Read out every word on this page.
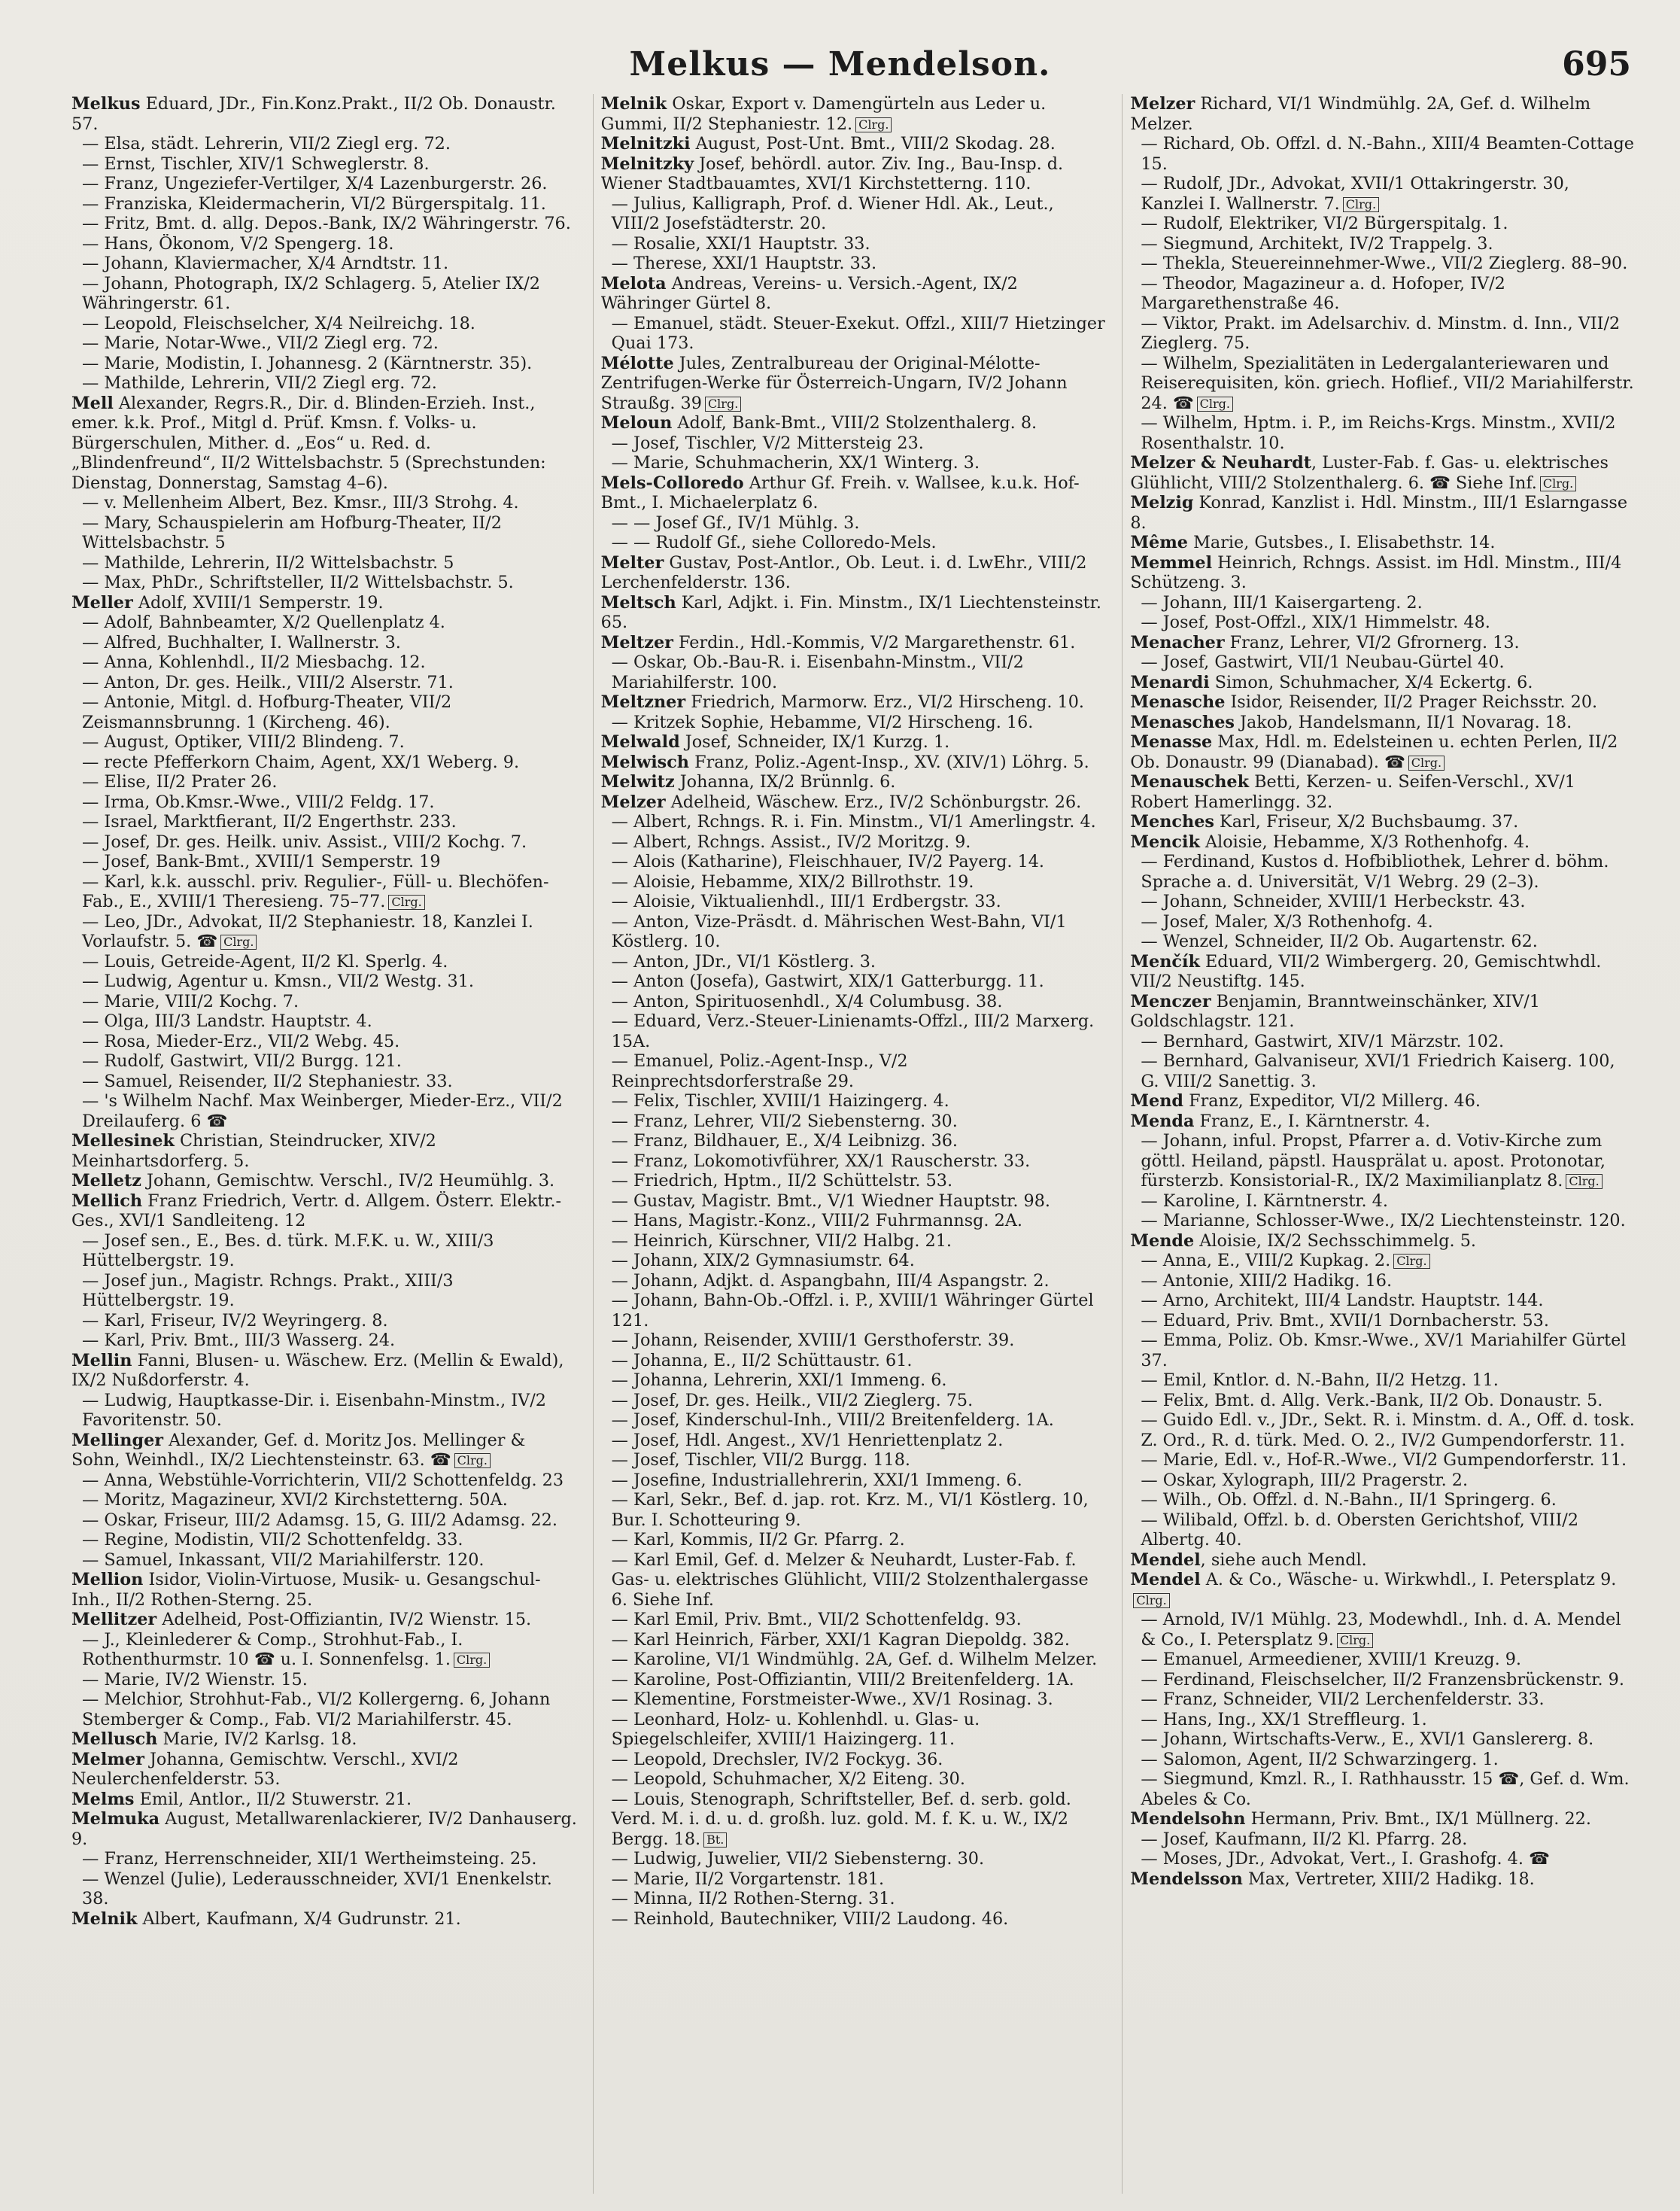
Melkus — Mendelson.	695

Melkus Eduard, JDr., Fin.Konz.Prakt., II/2 Ob. Donaustr. 57.

— Elsa, städt. Lehrerin, VII/2 Ziegl erg. 72.

— Ernst, Tischler, XIV/1 Schweglerstr. 8.

— Franz, Ungeziefer-Vertilger, X/4 Lazenburgerstr. 26.

— Franziska, Kleidermacherin, VI/2 Bürgerspitalg. 11.

— Fritz, Bmt. d. allg. Depos.-Bank, IX/2 Währingerstr. 76.

— Hans, Ökonom, V/2 Spengerg. 18.

— Johann, Klaviermacher, X/4 Arndtstr. 11.

— Johann, Photograph, IX/2 Schlagerg. 5, Atelier IX/2 Währingerstr. 61.

— Leopold, Fleischselcher, X/4 Neilreichg. 18.

— Marie, Notar-Wwe., VII/2 Ziegl erg. 72.

— Marie, Modistin, I. Johannesg. 2 (Kärntnerstr. 35).

— Mathilde, Lehrerin, VII/2 Ziegl erg. 72.

Mell Alexander, Regrs.R., Dir. d. Blinden-Erzieh. Inst., emer. k.k. Prof., Mitgl d. Prüf. Kmsn. f. Volks- u. Bürgerschulen, Mither. d. „Eos“ u. Red. d. „Blindenfreund“, II/2 Wittelsbachstr. 5 (Sprechstunden: Dienstag, Donnerstag, Samstag 4–6).

— v. Mellenheim Albert, Bez. Kmsr., III/3 Strohg. 4.

— Mary, Schauspielerin am Hofburg-Theater, II/2 Wittelsbachstr. 5

— Mathilde, Lehrerin, II/2 Wittelsbachstr. 5

— Max, PhDr., Schriftsteller, II/2 Wittelsbachstr. 5.

Meller Adolf, XVIII/1 Semperstr. 19.

— Adolf, Bahnbeamter, X/2 Quellenplatz 4.

— Alfred, Buchhalter, I. Wallnerstr. 3.

— Anna, Kohlenhdl., II/2 Miesbachg. 12.

— Anton, Dr. ges. Heilk., VIII/2 Alserstr. 71.

— Antonie, Mitgl. d. Hofburg-Theater, VII/2 Zeismannsbrunng. 1 (Kircheng. 46).

— August, Optiker, VIII/2 Blindeng. 7.

— recte Pfefferkorn Chaim, Agent, XX/1 Weberg. 9.

— Elise, II/2 Prater 26.

— Irma, Ob.Kmsr.-Wwe., VIII/2 Feldg. 17.

— Israel, Marktfierant, II/2 Engerthstr. 233.

— Josef, Dr. ges. Heilk. univ. Assist., VIII/2 Kochg. 7.

— Josef, Bank-Bmt., XVIII/1 Semperstr. 19

— Karl, k.k. ausschl. priv. Regulier-, Füll- u. Blechöfen-Fab., E., XVIII/1 Theresieng. 75–77. Clrg.

— Leo, JDr., Advokat, II/2 Stephaniestr. 18, Kanzlei I. Vorlaufstr. 5. ☎ Clrg.

— Louis, Getreide-Agent, II/2 Kl. Sperlg. 4.

— Ludwig, Agentur u. Kmsn., VII/2 Westg. 31.

— Marie, VIII/2 Kochg. 7.

— Olga, III/3 Landstr. Hauptstr. 4.

— Rosa, Mieder-Erz., VII/2 Webg. 45.

— Rudolf, Gastwirt, VII/2 Burgg. 121.

— Samuel, Reisender, II/2 Stephaniestr. 33.

— 's Wilhelm Nachf. Max Weinberger, Mieder-Erz., VII/2 Dreilauferg. 6 ☎

Mellesinek Christian, Steindrucker, XIV/2 Meinhartsdorferg. 5.

Melletz Johann, Gemischtw. Verschl., IV/2 Heumühlg. 3.

Mellich Franz Friedrich, Vertr. d. Allgem. Österr. Elektr.-Ges., XVI/1 Sandleiteng. 12

— Josef sen., E., Bes. d. türk. M.F.K. u. W., XIII/3 Hüttelbergstr. 19.

— Josef jun., Magistr. Rchngs. Prakt., XIII/3 Hüttelbergstr. 19.

— Karl, Friseur, IV/2 Weyringerg. 8.

— Karl, Priv. Bmt., III/3 Wasserg. 24.

Mellin Fanni, Blusen- u. Wäschew. Erz. (Mellin & Ewald), IX/2 Nußdorferstr. 4.

— Ludwig, Hauptkasse-Dir. i. Eisenbahn-Minstm., IV/2 Favoritenstr. 50.

Mellinger Alexander, Gef. d. Moritz Jos. Mellinger & Sohn, Weinhdl., IX/2 Liechtensteinstr. 63. ☎ Clrg.

— Anna, Webstühle-Vorrichterin, VII/2 Schottenfeldg. 23

— Moritz, Magazineur, XVI/2 Kirchstetterng. 50A.

— Oskar, Friseur, III/2 Adamsg. 15, G. III/2 Adamsg. 22.

— Regine, Modistin, VII/2 Schottenfeldg. 33.

— Samuel, Inkassant, VII/2 Mariahilferstr. 120.

Mellion Isidor, Violin-Virtuose, Musik- u. Gesangschul-Inh., II/2 Rothen-Sterng. 25.

Mellitzer Adelheid, Post-Offiziantin, IV/2 Wienstr. 15.

— J., Kleinlederer & Comp., Strohhut-Fab., I. Rothenthurmstr. 10 ☎ u. I. Sonnenfelsg. 1. Clrg.

— Marie, IV/2 Wienstr. 15.

— Melchior, Strohhut-Fab., VI/2 Kollergerng. 6, Johann Stemberger & Comp., Fab. VI/2 Mariahilferstr. 45.

Mellusch Marie, IV/2 Karlsg. 18.

Melmer Johanna, Gemischtw. Verschl., XVI/2 Neulerchenfelderstr. 53.

Melms Emil, Antlor., II/2 Stuwerstr. 21.

Melmuka August, Metallwarenlackierer, IV/2 Danhauserg. 9.

— Franz, Herrenschneider, XII/1 Wertheimsteing. 25.

— Wenzel (Julie), Lederausschneider, XVI/1 Enenkelstr. 38.

Melnik Albert, Kaufmann, X/4 Gudrunstr. 21.

Melnik Oskar, Export v. Damengürteln aus Leder u. Gummi, II/2 Stephaniestr. 12. Clrg.

Melnitzki August, Post-Unt. Bmt., VIII/2 Skodag. 28.

Melnitzky Josef, behördl. autor. Ziv. Ing., Bau-Insp. d. Wiener Stadtbauamtes, XVI/1 Kirchstetterng. 110.

— Julius, Kalligraph, Prof. d. Wiener Hdl. Ak., Leut., VIII/2 Josefstädterstr. 20.

— Rosalie, XXI/1 Hauptstr. 33.

— Therese, XXI/1 Hauptstr. 33.

Melota Andreas, Vereins- u. Versich.-Agent, IX/2 Währinger Gürtel 8.

— Emanuel, städt. Steuer-Exekut. Offzl., XIII/7 Hietzinger Quai 173.

Mélotte Jules, Zentralbureau der Original-Mélotte-Zentrifugen-Werke für Österreich-Ungarn, IV/2 Johann Straußg. 39 Clrg.

Meloun Adolf, Bank-Bmt., VIII/2 Stolzenthalerg. 8.

— Josef, Tischler, V/2 Mittersteig 23.

— Marie, Schuhmacherin, XX/1 Winterg. 3.

Mels-Colloredo Arthur Gf. Freih. v. Wallsee, k.u.k. Hof-Bmt., I. Michaelerplatz 6.

— — Josef Gf., IV/1 Mühlg. 3.

— — Rudolf Gf., siehe Colloredo-Mels.

Melter Gustav, Post-Antlor., Ob. Leut. i. d. LwEhr., VIII/2 Lerchenfelderstr. 136.

Meltsch Karl, Adjkt. i. Fin. Minstm., IX/1 Liechtensteinstr. 65.

Meltzer Ferdin., Hdl.-Kommis, V/2 Margarethenstr. 61.

— Oskar, Ob.-Bau-R. i. Eisenbahn-Minstm., VII/2 Mariahilferstr. 100.

Meltzner Friedrich, Marmorw. Erz., VI/2 Hirscheng. 10.

— Kritzek Sophie, Hebamme, VI/2 Hirscheng. 16.

Melwald Josef, Schneider, IX/1 Kurzg. 1.

Melwisch Franz, Poliz.-Agent-Insp., XV. (XIV/1) Löhrg. 5.

Melwitz Johanna, IX/2 Brünnlg. 6.

Melzer Adelheid, Wäschew. Erz., IV/2 Schönburgstr. 26.

— Albert, Rchngs. R. i. Fin. Minstm., VI/1 Amerlingstr. 4.

— Albert, Rchngs. Assist., IV/2 Moritzg. 9.

— Alois (Katharine), Fleischhauer, IV/2 Payerg. 14.

— Aloisie, Hebamme, XIX/2 Billrothstr. 19.

— Aloisie, Viktualienhdl., III/1 Erdbergstr. 33.

— Anton, Vize-Präsdt. d. Mährischen West-Bahn, VI/1 Köstlerg. 10.

— Anton, JDr., VI/1 Köstlerg. 3.

— Anton (Josefa), Gastwirt, XIX/1 Gatterburgg. 11.

— Anton, Spirituosenhdl., X/4 Columbusg. 38.

— Eduard, Verz.-Steuer-Linienamts-Offzl., III/2 Marxerg. 15A.

— Emanuel, Poliz.-Agent-Insp., V/2 Reinprechtsdorferstraße 29.

— Felix, Tischler, XVIII/1 Haizingerg. 4.

— Franz, Lehrer, VII/2 Siebensterng. 30.

— Franz, Bildhauer, E., X/4 Leibnizg. 36.

— Franz, Lokomotivführer, XX/1 Rauscherstr. 33.

— Friedrich, Hptm., II/2 Schüttelstr. 53.

— Gustav, Magistr. Bmt., V/1 Wiedner Hauptstr. 98.

— Hans, Magistr.-Konz., VIII/2 Fuhrmannsg. 2A.

— Heinrich, Kürschner, VII/2 Halbg. 21.

— Johann, XIX/2 Gymnasiumstr. 64.

— Johann, Adjkt. d. Aspangbahn, III/4 Aspangstr. 2.

— Johann, Bahn-Ob.-Offzl. i. P., XVIII/1 Währinger Gürtel 121.

— Johann, Reisender, XVIII/1 Gersthoferstr. 39.

— Johanna, E., II/2 Schüttaustr. 61.

— Johanna, Lehrerin, XXI/1 Immeng. 6.

— Josef, Dr. ges. Heilk., VII/2 Zieglerg. 75.

— Josef, Kinderschul-Inh., VIII/2 Breitenfelderg. 1A.

— Josef, Hdl. Angest., XV/1 Henriettenplatz 2.

— Josef, Tischler, VII/2 Burgg. 118.

— Josefine, Industriallehrerin, XXI/1 Immeng. 6.

— Karl, Sekr., Bef. d. jap. rot. Krz. M., VI/1 Köstlerg. 10, Bur. I. Schotteuring 9.

— Karl, Kommis, II/2 Gr. Pfarrg. 2.

— Karl Emil, Gef. d. Melzer & Neuhardt, Luster-Fab. f. Gas- u. elektrisches Glühlicht, VIII/2 Stolzenthalergasse 6. Siehe Inf.

— Karl Emil, Priv. Bmt., VII/2 Schottenfeldg. 93.

— Karl Heinrich, Färber, XXI/1 Kagran Diepoldg. 382.

— Karoline, VI/1 Windmühlg. 2A, Gef. d. Wilhelm Melzer.

— Karoline, Post-Offiziantin, VIII/2 Breitenfelderg. 1A.

— Klementine, Forstmeister-Wwe., XV/1 Rosinag. 3.

— Leonhard, Holz- u. Kohlenhdl. u. Glas- u. Spiegelschleifer, XVIII/1 Haizingerg. 11.

— Leopold, Drechsler, IV/2 Fockyg. 36.

— Leopold, Schuhmacher, X/2 Eiteng. 30.

— Louis, Stenograph, Schriftsteller, Bef. d. serb. gold. Verd. M. i. d. u. d. großh. luz. gold. M. f. K. u. W., IX/2 Bergg. 18. Bt.

— Ludwig, Juwelier, VII/2 Siebensterng. 30.

— Marie, II/2 Vorgartenstr. 181.

— Minna, II/2 Rothen-Sterng. 31.

— Reinhold, Bautechniker, VIII/2 Laudong. 46.

Melzer Richard, VI/1 Windmühlg. 2A, Gef. d. Wilhelm Melzer.

— Richard, Ob. Offzl. d. N.-Bahn., XIII/4 Beamten-Cottage 15.

— Rudolf, JDr., Advokat, XVII/1 Ottakringerstr. 30, Kanzlei I. Wallnerstr. 7. Clrg.

— Rudolf, Elektriker, VI/2 Bürgerspitalg. 1.

— Siegmund, Architekt, IV/2 Trappelg. 3.

— Thekla, Steuereinnehmer-Wwe., VII/2 Zieglerg. 88–90.

— Theodor, Magazineur a. d. Hofoper, IV/2 Margarethenstraße 46.

— Viktor, Prakt. im Adelsarchiv. d. Minstm. d. Inn., VII/2 Zieglerg. 75.

— Wilhelm, Spezialitäten in Ledergalanteriewaren und Reiserequisiten, kön. griech. Hoflief., VII/2 Mariahilferstr. 24. ☎ Clrg.

— Wilhelm, Hptm. i. P., im Reichs-Krgs. Minstm., XVII/2 Rosenthalstr. 10.

Melzer & Neuhardt, Luster-Fab. f. Gas- u. elektrisches Glühlicht, VIII/2 Stolzenthalerg. 6. ☎ Siehe Inf. Clrg.

Melzig Konrad, Kanzlist i. Hdl. Minstm., III/1 Eslarngasse 8.

Même Marie, Gutsbes., I. Elisabethstr. 14.

Memmel Heinrich, Rchngs. Assist. im Hdl. Minstm., III/4 Schützeng. 3.

— Johann, III/1 Kaisergarteng. 2.

— Josef, Post-Offzl., XIX/1 Himmelstr. 48.

Menacher Franz, Lehrer, VI/2 Gfrornerg. 13.

— Josef, Gastwirt, VII/1 Neubau-Gürtel 40.

Menardi Simon, Schuhmacher, X/4 Eckertg. 6.

Menasche Isidor, Reisender, II/2 Prager Reichsstr. 20.

Menasches Jakob, Handelsmann, II/1 Novarag. 18.

Menasse Max, Hdl. m. Edelsteinen u. echten Perlen, II/2 Ob. Donaustr. 99 (Dianabad). ☎ Clrg.

Menauschek Betti, Kerzen- u. Seifen-Verschl., XV/1 Robert Hamerlingg. 32.

Menches Karl, Friseur, X/2 Buchsbaumg. 37.

Mencik Aloisie, Hebamme, X/3 Rothenhofg. 4.

— Ferdinand, Kustos d. Hofbibliothek, Lehrer d. böhm. Sprache a. d. Universität, V/1 Webrg. 29 (2–3).

— Johann, Schneider, XVIII/1 Herbeckstr. 43.

— Josef, Maler, X/3 Rothenhofg. 4.

— Wenzel, Schneider, II/2 Ob. Augartenstr. 62.

Menčík Eduard, VII/2 Wimbergerg. 20, Gemischtwhdl. VII/2 Neustiftg. 145.

Menczer Benjamin, Branntweinschänker, XIV/1 Goldschlagstr. 121.

— Bernhard, Gastwirt, XIV/1 Märzstr. 102.

— Bernhard, Galvaniseur, XVI/1 Friedrich Kaiserg. 100, G. VIII/2 Sanettig. 3.

Mend Franz, Expeditor, VI/2 Millerg. 46.

Menda Franz, E., I. Kärntnerstr. 4.

— Johann, inful. Propst, Pfarrer a. d. Votiv-Kirche zum göttl. Heiland, päpstl. Hausprälat u. apost. Protonotar, fürsterzb. Konsistorial-R., IX/2 Maximilianplatz 8. Clrg.

— Karoline, I. Kärntnerstr. 4.

— Marianne, Schlosser-Wwe., IX/2 Liechtensteinstr. 120.

Mende Aloisie, IX/2 Sechsschimmelg. 5.

— Anna, E., VIII/2 Kupkag. 2. Clrg.

— Antonie, XIII/2 Hadikg. 16.

— Arno, Architekt, III/4 Landstr. Hauptstr. 144.

— Eduard, Priv. Bmt., XVII/1 Dornbacherstr. 53.

— Emma, Poliz. Ob. Kmsr.-Wwe., XV/1 Mariahilfer Gürtel 37.

— Emil, Kntlor. d. N.-Bahn, II/2 Hetzg. 11.

— Felix, Bmt. d. Allg. Verk.-Bank, II/2 Ob. Donaustr. 5.

— Guido Edl. v., JDr., Sekt. R. i. Minstm. d. A., Off. d. tosk. Z. Ord., R. d. türk. Med. O. 2., IV/2 Gumpendorferstr. 11.

— Marie, Edl. v., Hof-R.-Wwe., VI/2 Gumpendorferstr. 11.

— Oskar, Xylograph, III/2 Pragerstr. 2.

— Wilh., Ob. Offzl. d. N.-Bahn., II/1 Springerg. 6.

— Wilibald, Offzl. b. d. Obersten Gerichtshof, VIII/2 Albertg. 40.

Mendel, siehe auch Mendl.

Mendel A. & Co., Wäsche- u. Wirkwhdl., I. Petersplatz 9.Clrg.

— Arnold, IV/1 Mühlg. 23, Modewhdl., Inh. d. A. Mendel & Co., I. Petersplatz 9. Clrg.

— Emanuel, Armeediener, XVIII/1 Kreuzg. 9.

— Ferdinand, Fleischselcher, II/2 Franzensbrückenstr. 9.

— Franz, Schneider, VII/2 Lerchenfelderstr. 33.

— Hans, Ing., XX/1 Streffleurg. 1.

— Johann, Wirtschafts-Verw., E., XVI/1 Ganslererg. 8.

— Salomon, Agent, II/2 Schwarzingerg. 1.

— Siegmund, Kmzl. R., I. Rathhausstr. 15 ☎, Gef. d. Wm. Abeles & Co.

Mendelsohn Hermann, Priv. Bmt., IX/1 Müllnerg. 22.

— Josef, Kaufmann, II/2 Kl. Pfarrg. 28.

— Moses, JDr., Advokat, Vert., I. Grashofg. 4. ☎

Mendelsson Max, Vertreter, XIII/2 Hadikg. 18.
